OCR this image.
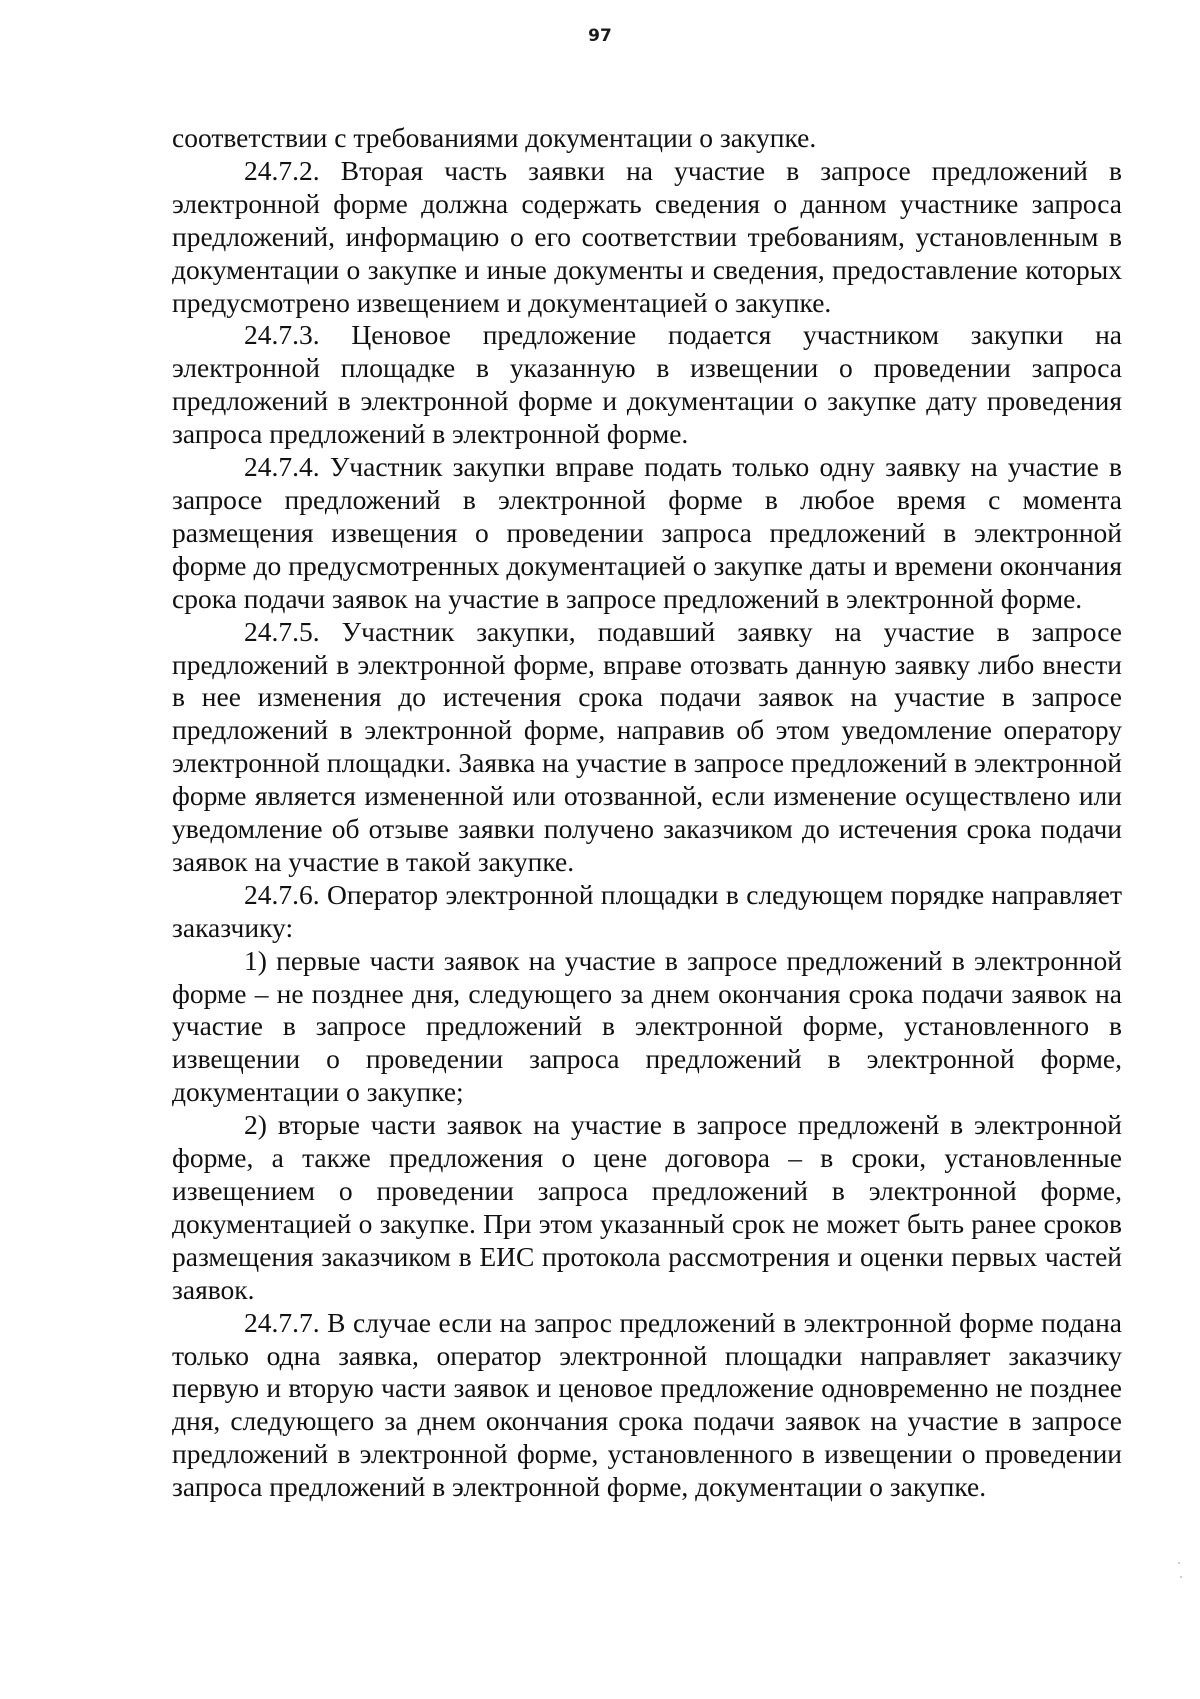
97

соответствии с требованиями документации о закупке.

24.7.2. Вторая часть заявки на участие в запросе предложений в электронной форме должна содержать сведения о данном участнике запроса предложений, информацию о его соответствии требованиям, установленным в документации о закупке и иные документы и сведения, предоставление которых предусмотрено извещением и документацией о закупке.

24.7.3. Ценовое предложение подается участником закупки на электронной площадке в указанную в извещении о проведении запроса предложений в электронной форме и документации о закупке дату проведения запроса предложений в электронной форме.

24.7.4. Участник закупки вправе подать только одну заявку на участие в запросе предложений в электронной форме в любое время с момента размещения извещения о проведении запроса предложений в электронной форме до предусмотренных документацией о закупке даты и времени окончания срока подачи заявок на участие в запросе предложений в электронной форме.

24.7.5. Участник закупки, подавший заявку на участие в запросе предложений в электронной форме, вправе отозвать данную заявку либо внести в нее изменения до истечения срока подачи заявок на участие в запросе предложений в электронной форме, направив об этом уведомление оператору электронной площадки. Заявка на участие в запросе предложений в электронной форме является измененной или отозванной, если изменение осуществлено или уведомление об отзыве заявки получено заказчиком до истечения срока подачи заявок на участие в такой закупке.

24.7.6. Оператор электронной площадки в следующем порядке направляет заказчику:

1) первые части заявок на участие в запросе предложений в электронной форме – не позднее дня, следующего за днем окончания срока подачи заявок на участие в запросе предложений в электронной форме, установленного в извещении о проведении запроса предложений в электронной форме, документации о закупке;

2) вторые части заявок на участие в запросе предложенй в электронной форме, а также предложения о цене договора – в сроки, установленные извещением о проведении запроса предложений в электронной форме, документацией о закупке. При этом указанный срок не может быть ранее сроков размещения заказчиком в ЕИС протокола рассмотрения и оценки первых частей заявок.

24.7.7. В случае если на запрос предложений в электронной форме подана только одна заявка, оператор электронной площадки направляет заказчику первую и вторую части заявок и ценовое предложение одновременно не позднее дня, следующего за днем окончания срока подачи заявок на участие в запросе предложений в электронной форме, установленного в извещении о проведении запроса предложений в электронной форме, документации о закупке.
